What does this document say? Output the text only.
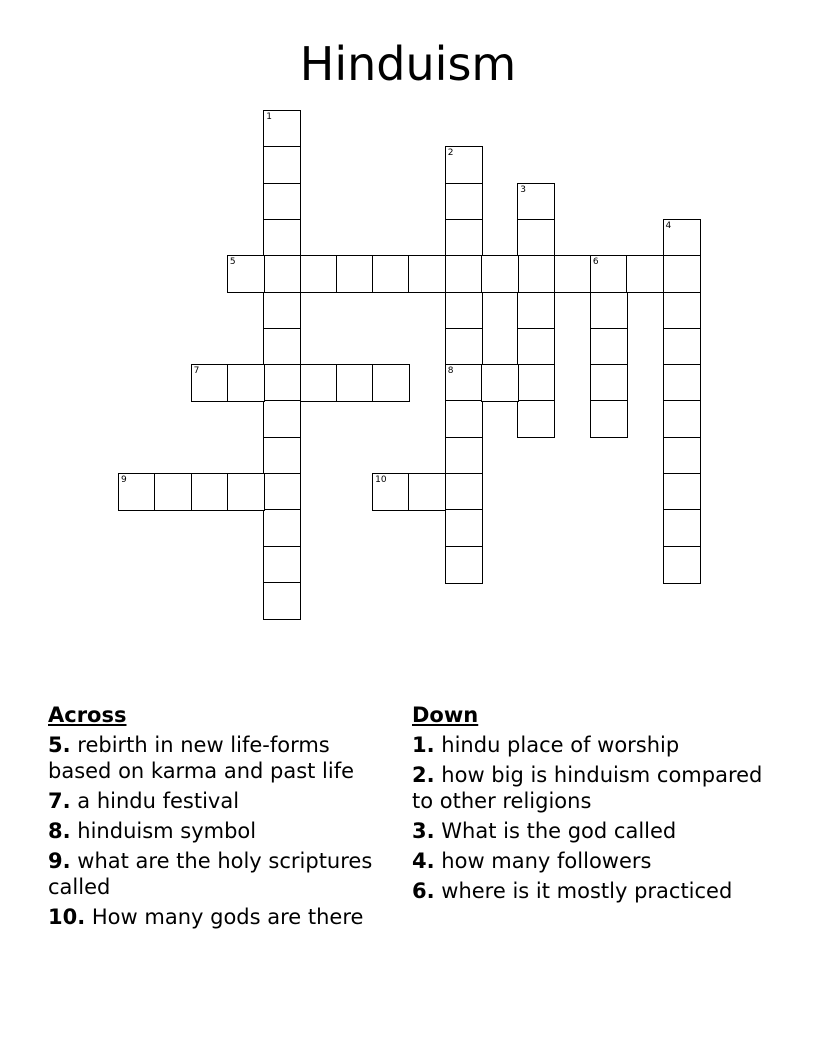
Hinduism
1
2
8
3
4
5	6
7
9	10
Across
5. rebirth in new life-forms based on karma and past life
7. a hindu festival
8. hinduism symbol
9. what are the holy scriptures called
10. How many gods are there
Down
1. hindu place of worship
2. how big is hinduism compared to other religions
3. What is the god called
4. how many followers
6. where is it mostly practiced
